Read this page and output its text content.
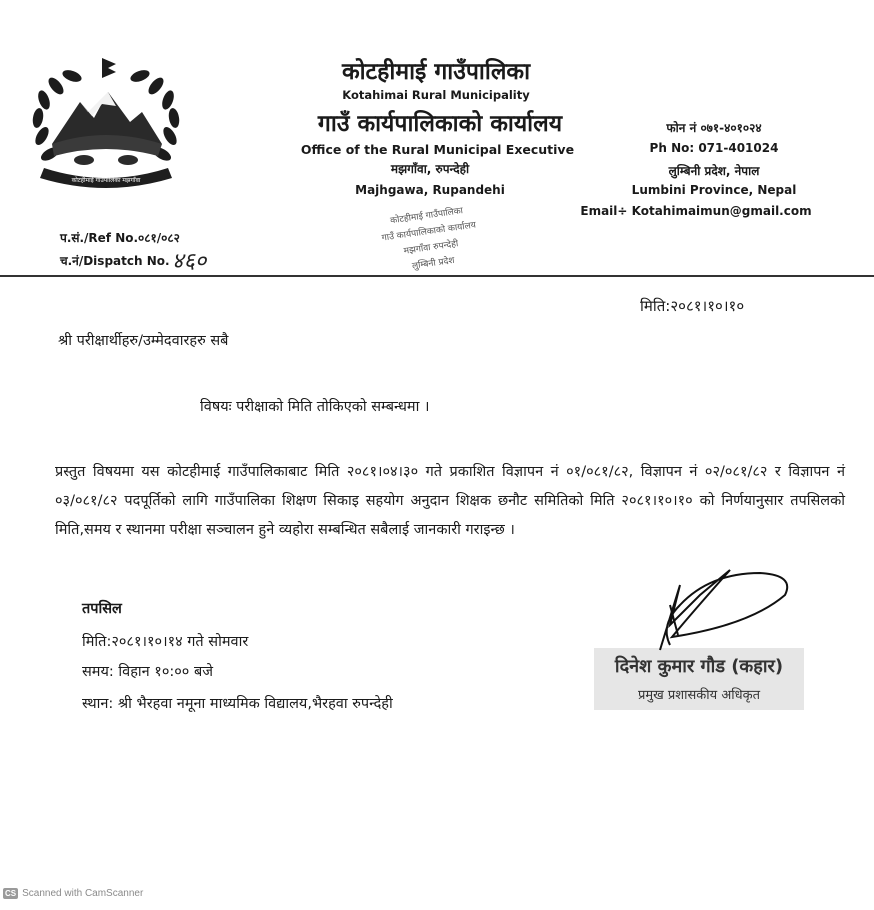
कोटहीमाई गाउँपालिका मझगाँवा
कोटहीमाई गाउँपालिका
Kotahimai Rural Municipality
गाउँ कार्यपालिकाको कार्यालय
Office of the Rural Municipal Executive
मझगाँवा, रुपन्देही
Majhgawa, Rupandehi
फोन नं ०७१-४०१०२४
Ph No: 071-401024
लुम्बिनी प्रदेश, नेपाल
Lumbini Province, Nepal
Email÷ Kotahimaimun@gmail.com
प.सं./Ref No.०८१/०८२
च.नं/Dispatch No. ४६०
कोटहीमाई गाउँपालिका
गाउँ कार्यपालिकाको कार्यालय
मझगाँवा रुपन्देही
लुम्बिनी प्रदेश
मिति:२०८१।१०।१०
श्री परीक्षार्थीहरु/उम्मेदवारहरु सबै
विषयः परीक्षाको मिति तोकिएको सम्बन्धमा ।
प्रस्तुत विषयमा यस कोटहीमाई गाउँपालिकाबाट मिति २०८१।०४।३० गते प्रकाशित विज्ञापन नं ०१/०८१/८२, विज्ञापन नं ०२/०८१/८२ र विज्ञापन नं ०३/०८१/८२ पदपूर्तिको लागि गाउँपालिका शिक्षण सिकाइ सहयोग अनुदान शिक्षक छनौट समितिको मिति २०८१।१०।१० को निर्णयानुसार तपसिलको मिति,समय र स्थानमा परीक्षा सञ्चालन हुने व्यहोरा सम्बन्धित सबैलाई जानकारी गराइन्छ ।
तपसिल
मिति:२०८१।१०।१४ गते सोमवार
समय: विहान १०:०० बजे
स्थान: श्री भैरहवा नमूना माध्यमिक विद्यालय,भैरहवा रुपन्देही
दिनेश कुमार गौड (कहार)
प्रमुख प्रशासकीय अधिकृत
CS Scanned with CamScanner
